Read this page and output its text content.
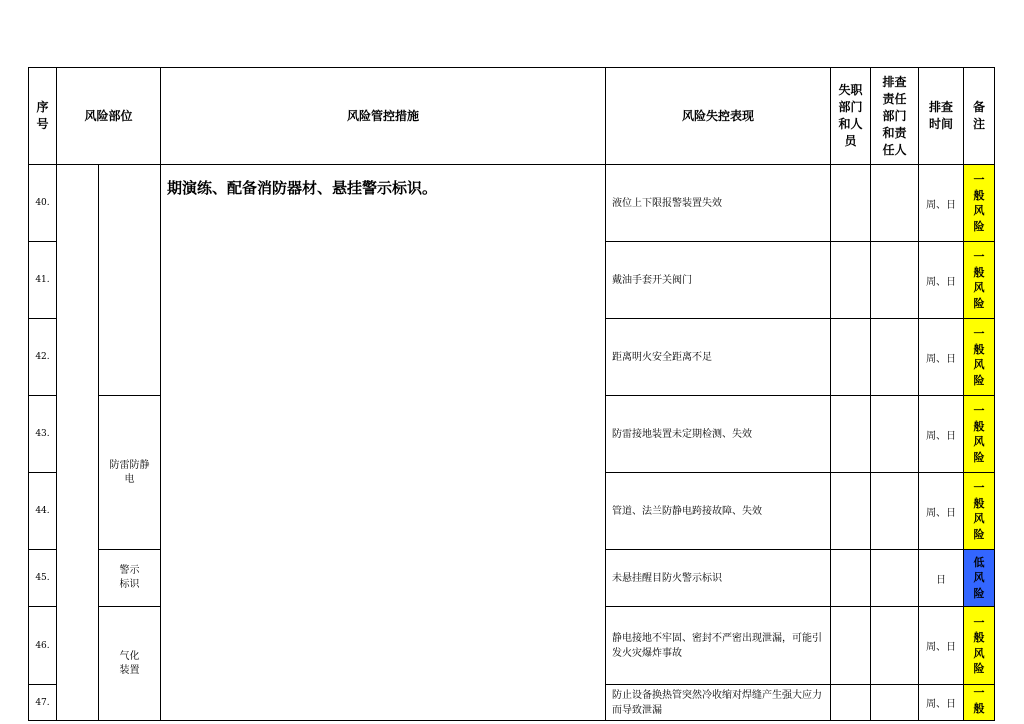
序号	风险部位		风险管控措施	风险失控表现	失职部门和人员	排查责任部门和责任人	排查时间	备注

40.			期演练、配备消防器材、悬挂警示标识。	液位上下限报警装置失效			周、日	一般风险

41.				戴油手套开关阀门			周、日	一般风险

42.				距离明火安全距离不足			周、日	一般风险

43.		防雷防静电		防雷接地装置未定期检测、失效			周、日	一般风险

44.				管道、法兰防静电跨接故障、失效			周、日	一般风险

45.		警示标识		未悬挂醒目防火警示标识			日	低风险

46.		气化装置		静电接地不牢固、密封不严密出现泄漏，可能引发火灾爆炸事故			周、日	一般风险

47.				防止设备换热管突然冷收缩对焊缝产生强大应力而导致泄漏			周、日	一般
